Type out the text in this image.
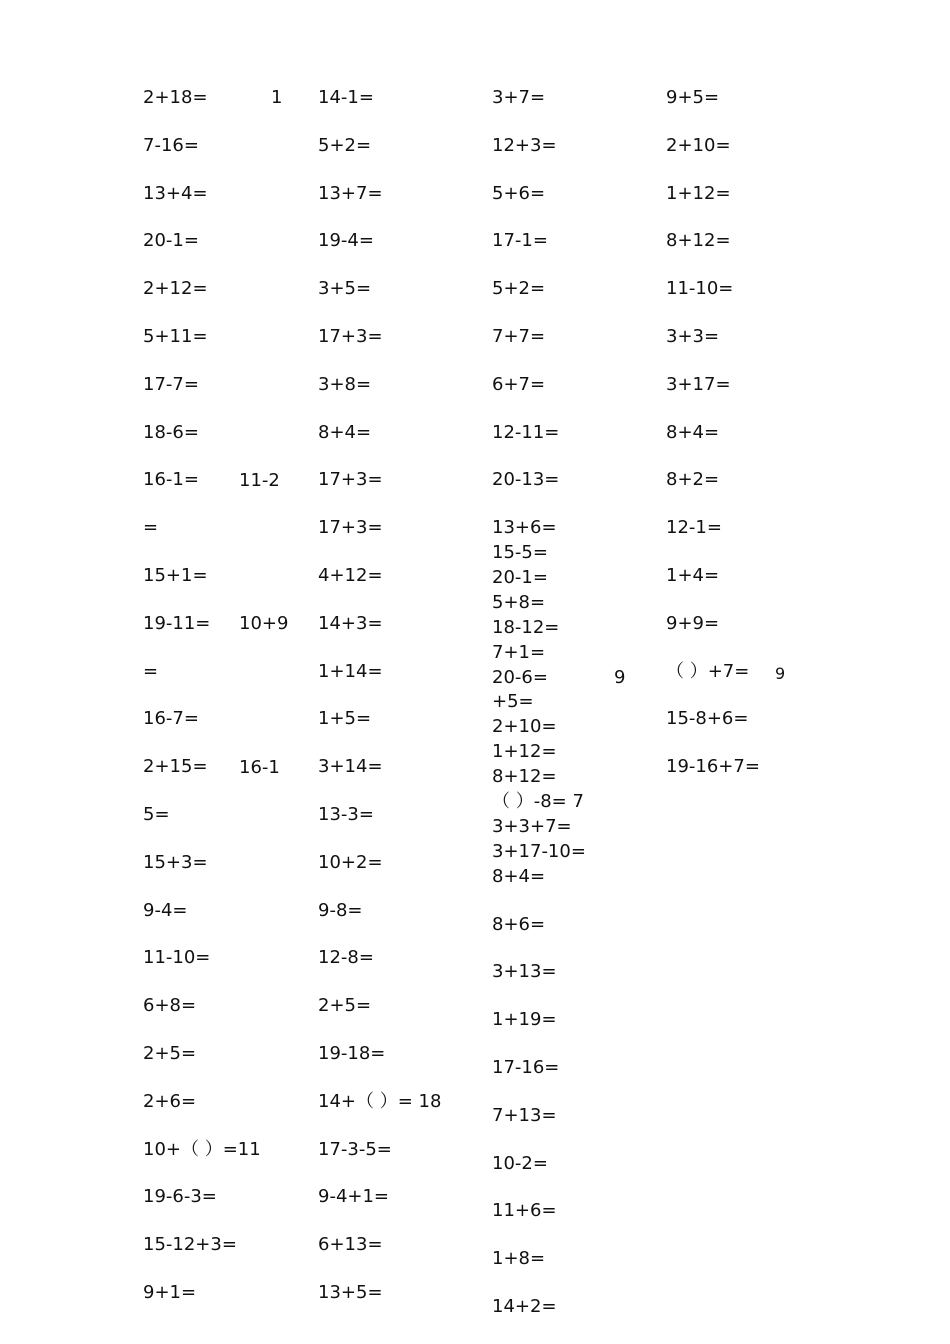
2+18=
7-16=
13+4=
20-1=
2+12=
5+11=
17-7=
18-6=
16-1=
=
15+1=
19-11=
=
16-7=
2+15=
5=
15+3=
9-4=
11-10=
6+8=
2+5=
2+6=
10+（ ）=11
19-6-3=
15-12+3=
9+1=
1
11-2
10+9
16-1
14-1=
5+2=
13+7=
19-4=
3+5=
17+3=
3+8=
8+4=
17+3=
17+3=
4+12=
14+3=
1+14=
1+5=
3+14=
13-3=
10+2=
9-8=
12-8=
2+5=
19-18=
14+（ ）= 18
17-3-5=
9-4+1=
6+13=
13+5=
3+7=
12+3=
5+6=
17-1=
5+2=
7+7=
6+7=
12-11=
20-13=
13+6=
15-5=
20-1=
5+8=
18-12=
7+1=
20-6=
+5=
2+10=
1+12=
8+12=
（ ）-8= 7
3+3+7=
3+17-10=
8+4=
8+6=
3+13=
1+19=
17-16=
7+13=
10-2=
11+6=
1+8=
14+2=
9
9+5=
2+10=
1+12=
8+12=
11-10=
3+3=
3+17=
8+4=
8+2=
12-1=
1+4=
9+9=
（ ）+7=
15-8+6=
19-16+7=
9
